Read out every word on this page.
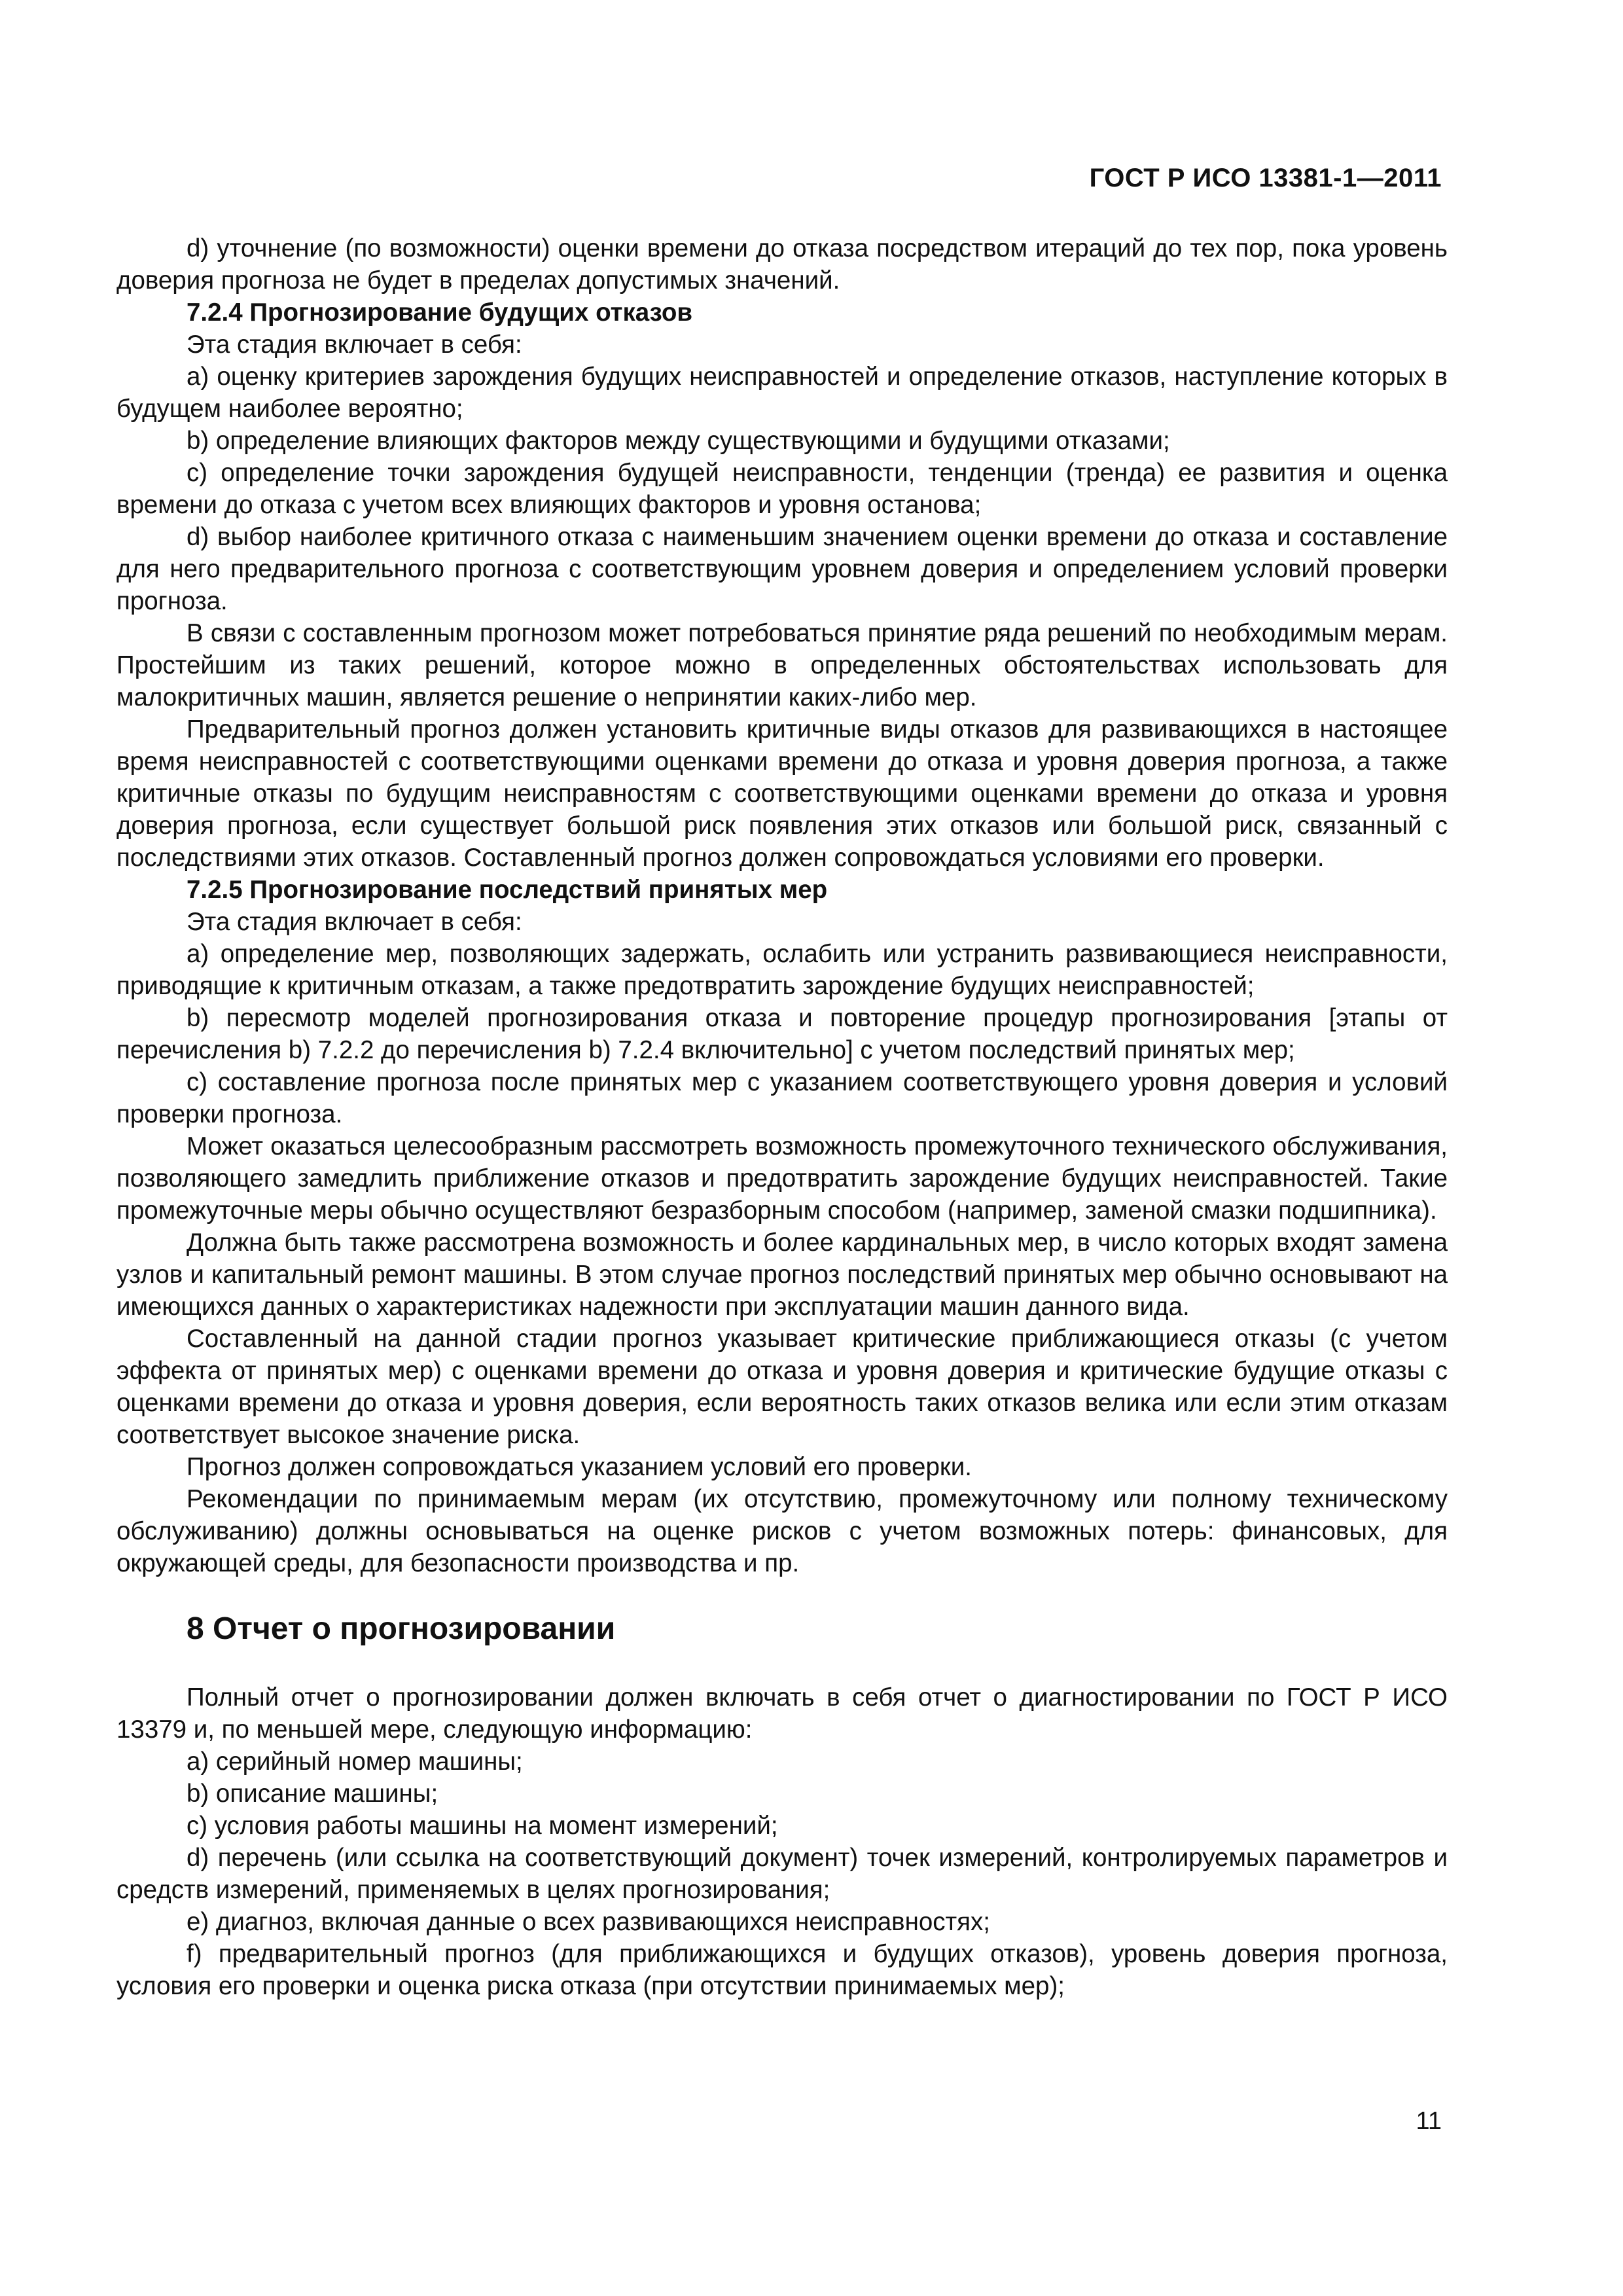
ГОСТ Р ИСО 13381-1—2011

d) уточнение (по возможности) оценки времени до отказа посредством итераций до тех пор, пока уровень доверия прогноза не будет в пределах допустимых значений.

7.2.4 Прогнозирование будущих отказов

Эта стадия включает в себя:

a) оценку критериев зарождения будущих неисправностей и определение отказов, наступление которых в будущем наиболее вероятно;

b) определение влияющих факторов между существующими и будущими отказами;

c) определение точки зарождения будущей неисправности, тенденции (тренда) ее развития и оценка времени до отказа с учетом всех влияющих факторов и уровня останова;

d) выбор наиболее критичного отказа с наименьшим значением оценки времени до отказа и составление для него предварительного прогноза с соответствующим уровнем доверия и определением условий проверки прогноза.

В связи с составленным прогнозом может потребоваться принятие ряда решений по необходимым мерам. Простейшим из таких решений, которое можно в определенных обстоятельствах использовать для малокритичных машин, является решение о непринятии каких-либо мер.

Предварительный прогноз должен установить критичные виды отказов для развивающихся в настоящее время неисправностей с соответствующими оценками времени до отказа и уровня доверия прогноза, а также критичные отказы по будущим неисправностям с соответствующими оценками времени до отказа и уровня доверия прогноза, если существует большой риск появления этих отказов или большой риск, связанный с последствиями этих отказов. Составленный прогноз должен сопровождаться условиями его проверки.

7.2.5 Прогнозирование последствий принятых мер

Эта стадия включает в себя:

a) определение мер, позволяющих задержать, ослабить или устранить развивающиеся неисправности, приводящие к критичным отказам, а также предотвратить зарождение будущих неисправностей;

b) пересмотр моделей прогнозирования отказа и повторение процедур прогнозирования [этапы от перечисления b) 7.2.2 до перечисления b) 7.2.4 включительно] с учетом последствий принятых мер;

c) составление прогноза после принятых мер с указанием соответствующего уровня доверия и условий проверки прогноза.

Может оказаться целесообразным рассмотреть возможность промежуточного технического обслуживания, позволяющего замедлить приближение отказов и предотвратить зарождение будущих неисправностей. Такие промежуточные меры обычно осуществляют безразборным способом (например, заменой смазки подшипника).

Должна быть также рассмотрена возможность и более кардинальных мер, в число которых входят замена узлов и капитальный ремонт машины. В этом случае прогноз последствий принятых мер обычно основывают на имеющихся данных о характеристиках надежности при эксплуатации машин данного вида.

Составленный на данной стадии прогноз указывает критические приближающиеся отказы (с учетом эффекта от принятых мер) с оценками времени до отказа и уровня доверия и критические будущие отказы с оценками времени до отказа и уровня доверия, если вероятность таких отказов велика или если этим отказам соответствует высокое значение риска.

Прогноз должен сопровождаться указанием условий его проверки.

Рекомендации по принимаемым мерам (их отсутствию, промежуточному или полному техническому обслуживанию) должны основываться на оценке рисков с учетом возможных потерь: финансовых, для окружающей среды, для безопасности производства и пр.

8 Отчет о прогнозировании

Полный отчет о прогнозировании должен включать в себя отчет о диагностировании по ГОСТ Р ИСО 13379 и, по меньшей мере, следующую информацию:

a) серийный номер машины;

b) описание машины;

c) условия работы машины на момент измерений;

d) перечень (или ссылка на соответствующий документ) точек измерений, контролируемых параметров и средств измерений, применяемых в целях прогнозирования;

e) диагноз, включая данные о всех развивающихся неисправностях;

f) предварительный прогноз (для приближающихся и будущих отказов), уровень доверия прогноза, условия его проверки и оценка риска отказа (при отсутствии принимаемых мер);

11
